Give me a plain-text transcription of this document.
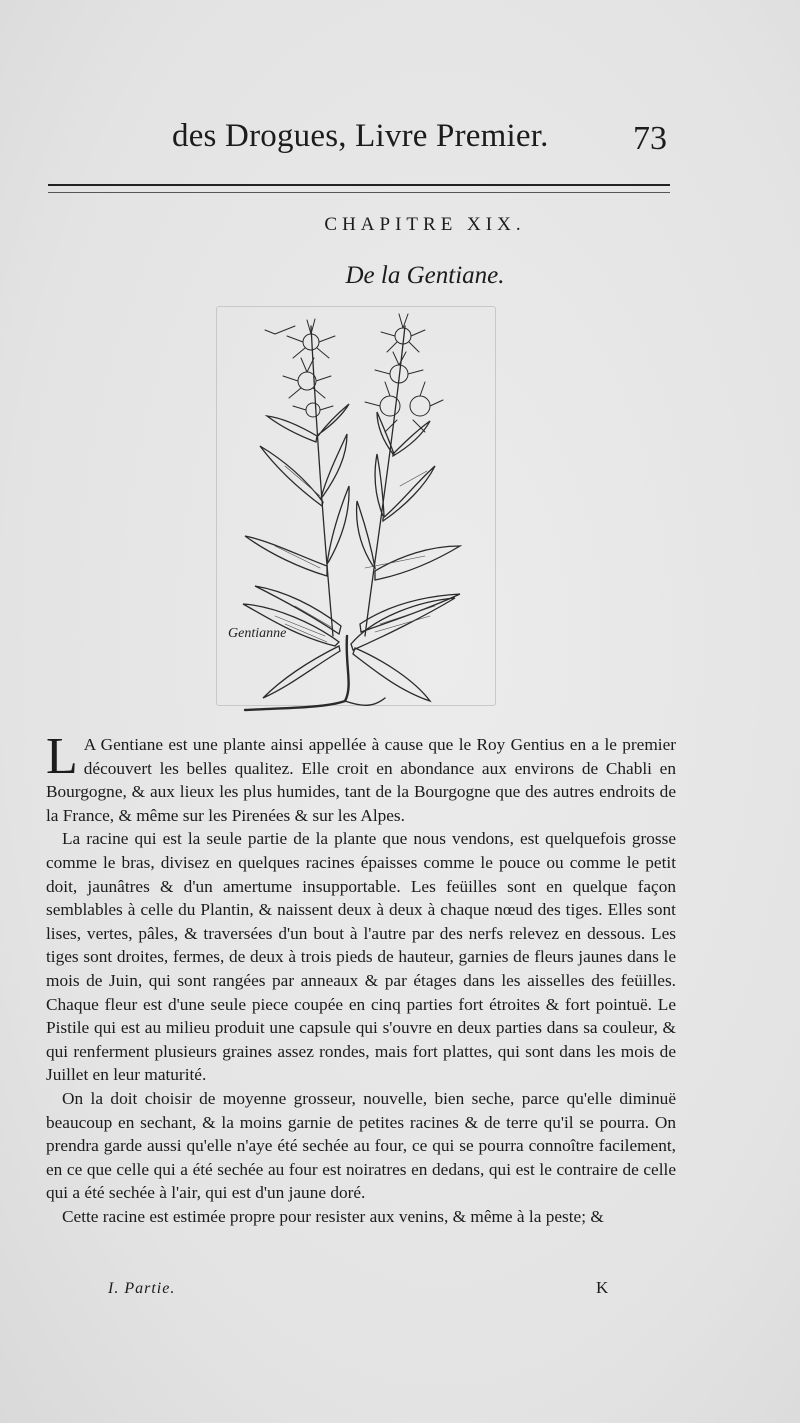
des Drogues, Livre Premier. 73
CHAPITRE XIX.
De la Gentiane.
Gentianne

L A Gentiane est une plante ainsi appellée à cause que le Roy Gentius en a le premier découvert les belles qualitez. Elle croit en abondance aux environs de Chabli en Bourgogne, & aux lieux les plus humides, tant de la Bourgogne que des autres endroits de la France, & même sur les Pirenées & sur les Alpes.

La racine qui est la seule partie de la plante que nous vendons, est quelquefois grosse comme le bras, divisez en quelques racines épaisses comme le pouce ou comme le petit doit, jaunâtres & d'un amertume insupportable. Les feüilles sont en quelque façon semblables à celle du Plantin, & naissent deux à deux à chaque nœud des tiges. Elles sont lises, vertes, pâles, & traversées d'un bout à l'autre par des nerfs relevez en dessous. Les tiges sont droites, fermes, de deux à trois pieds de hauteur, garnies de fleurs jaunes dans le mois de Juin, qui sont rangées par anneaux & par étages dans les aisselles des feüilles. Chaque fleur est d'une seule piece coupée en cinq parties fort étroites & fort pointuë. Le Pistile qui est au milieu produit une capsule qui s'ouvre en deux parties dans sa couleur, & qui renferment plusieurs graines assez rondes, mais fort plattes, qui sont dans les mois de Juillet en leur maturité.

On la doit choisir de moyenne grosseur, nouvelle, bien seche, parce qu'elle diminuë beaucoup en sechant, & la moins garnie de petites racines & de terre qu'il se pourra. On prendra garde aussi qu'elle n'aye été sechée au four, ce qui se pourra connoître facilement, en ce que celle qui a été sechée au four est noiratres en dedans, qui est le contraire de celle qui a été sechée à l'air, qui est d'un jaune doré.

Cette racine est estimée propre pour resister aux venins, & même à la peste; &

I. Partie.	K
